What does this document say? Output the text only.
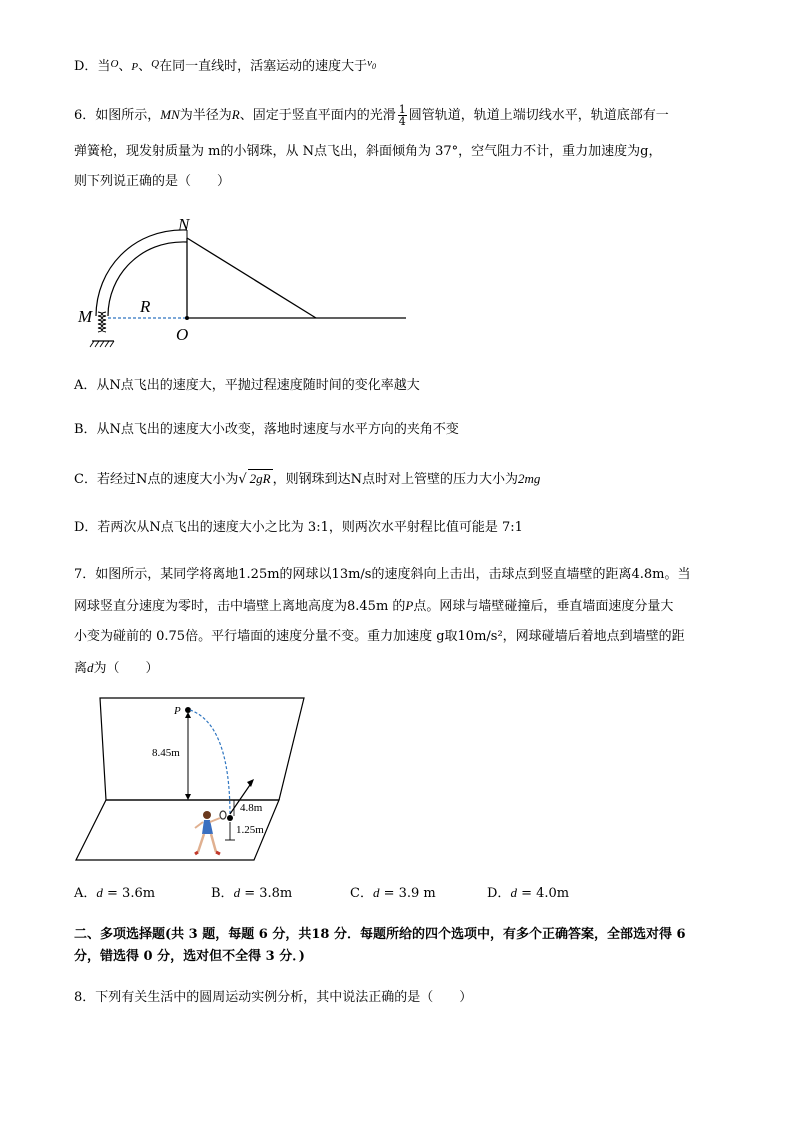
D．当$^O$、P、$^Q$在同一直线时，活塞运动的速度大于$^{v_0}$
6．如图所示，MN为半径为R、固定于竖直平面内的光滑 $\frac{1}{4}$ 圆管轨道，轨道上端切线水平，轨道底部有一
弹簧枪，现发射质量为 m的小钢珠，从 N点飞出，斜面倾角为 37°，空气阻力不计，重力加速度为g，
则下列说正确的是（　　）
N
M
R
O
A．从N点飞出的速度大，平抛过程速度随时间的变化率越大
B．从N点飞出的速度大小改变，落地时速度与水平方向的夹角不变
C．若经过N点的速度大小为√ 2gR ，则钢珠到达N点时对上管壁的压力大小为2mg
D．若两次从N点飞出的速度大小之比为 3:1，则两次水平射程比值可能是 7:1
7．如图所示，某同学将离地1.25m的网球以13m/s的速度斜向上击出，击球点到竖直墙壁的距离4.8m。当
网球竖直分速度为零时，击中墙壁上离地高度为8.45m 的P点。网球与墙壁碰撞后，垂直墙面速度分量大
小变为碰前的 0.75倍。平行墙面的速度分量不变。重力加速度 g取10m/s²，网球碰墙后着地点到墙壁的距
离d为（　　）
P
8.45m
4.8m
1.25m
A．d = 3.6m	B．d = 3.8m	C．d = 3.9 m	D．d = 4.0m
二、多项选择题(共 3 题，每题 6 分，共18 分．每题所给的四个选项中，有多个正确答案，全部选对得 6
分，错选得 0 分，选对但不全得 3 分．)
8．下列有关生活中的圆周运动实例分析，其中说法正确的是（　　）
